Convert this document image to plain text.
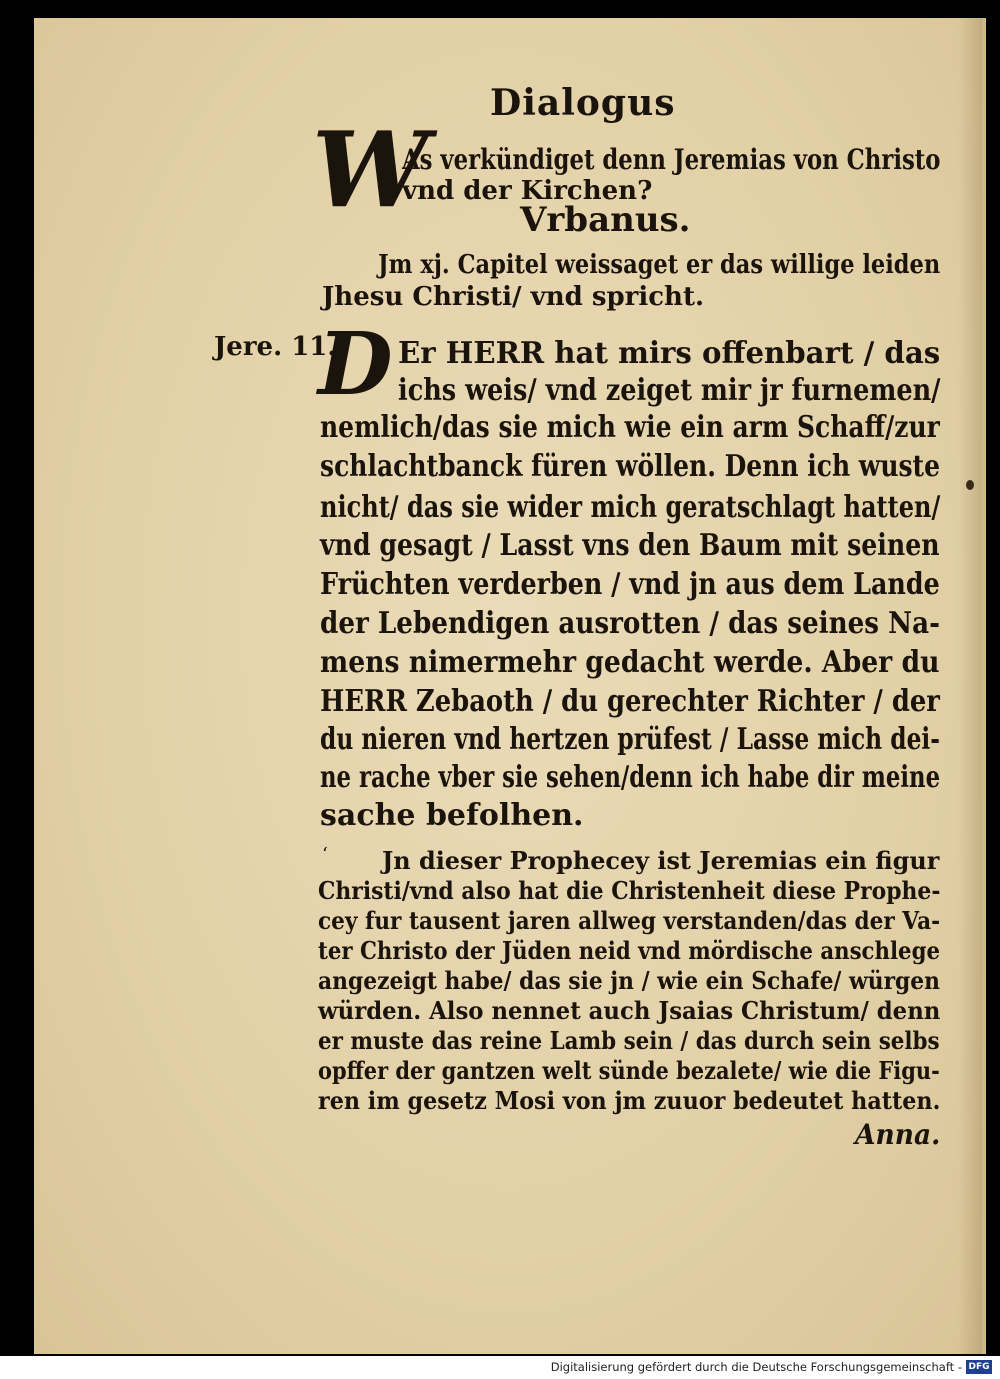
Dialogus
W
As verkündiget denn Jeremias von Christo
vnd der Kirchen?
Vrbanus.
Jm xj. Capitel weissaget er das willige leiden
Jhesu Christi/ vnd spricht.
Jere. 11.
D Er HERR hat mirs offenbart / das
ichs weis/ vnd zeiget mir jr furnemen/
nemlich/das sie mich wie ein arm Schaff/zur
schlachtbanck füren wöllen. Denn ich wuste
nicht/ das sie wider mich geratschlagt hatten/
vnd gesagt / Lasst vns den Baum mit seinen
Früchten verderben / vnd jn aus dem Lande
der Lebendigen ausrotten / das seines Na-
mens nimermehr gedacht werde. Aber du
HERR Zebaoth / du gerechter Richter / der
du nieren vnd hertzen prüfest / Lasse mich dei-
ne rache vber sie sehen/denn ich habe dir meine
sache befolhen.
‘ Jn dieser Prophecey ist Jeremias ein figur
Christi/vnd also hat die Christenheit diese Prophe-
cey fur tausent jaren allweg verstanden/das der Va-
ter Christo der Jüden neid vnd mördische anschlege
angezeigt habe/ das sie jn / wie ein Schafe/ würgen
würden. Also nennet auch Jsaias Christum/ denn
er muste das reine Lamb sein / das durch sein selbs
opffer der gantzen welt sünde bezalete/ wie die Figu-
ren im gesetz Mosi von jm zuuor bedeutet hatten.
Anna.
Digitalisierung gefördert durch die Deutsche Forschungsgemeinschaft - DFG
